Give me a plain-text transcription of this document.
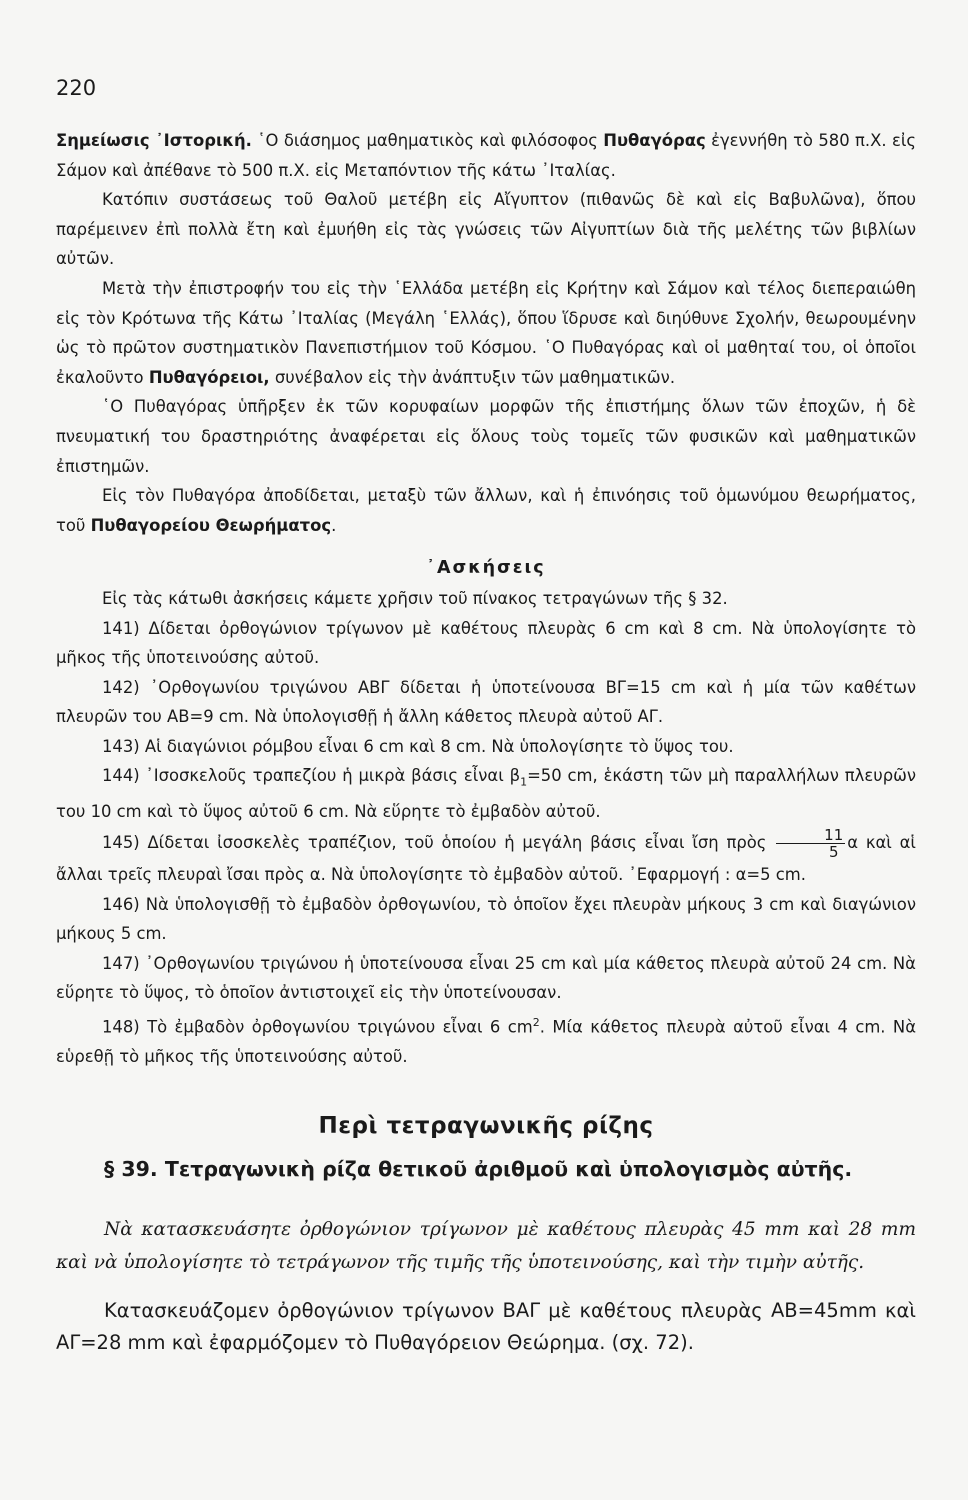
220

Σημείωσις ᾿Ιστορική. ῾Ο διάσημος μαθηματικὸς καὶ φιλόσοφος Πυθαγόρας ἐγεννήθη τὸ 580 π.Χ. εἰς Σάμον καὶ ἀπέθανε τὸ 500 π.Χ. εἰς Μεταπόντιον τῆς κάτω ᾿Ιταλίας.

Κατόπιν συστάσεως τοῦ Θαλοῦ μετέβη εἰς Αἴγυπτον (πιθανῶς δὲ καὶ εἰς Βαβυλῶνα), ὅπου παρέμεινεν ἐπὶ πολλὰ ἔτη καὶ ἐμυήθη εἰς τὰς γνώσεις τῶν Αἰγυπτίων διὰ τῆς μελέτης τῶν βιβλίων αὐτῶν.

Μετὰ τὴν ἐπιστροφήν του εἰς τὴν ῾Ελλάδα μετέβη εἰς Κρήτην καὶ Σάμον καὶ τέλος διεπεραιώθη εἰς τὸν Κρότωνα τῆς Κάτω ᾿Ιταλίας (Μεγάλη ῾Ελλάς), ὅπου ἵδρυσε καὶ διηύθυνε Σχολήν, θεωρουμένην ὡς τὸ πρῶτον συστηματικὸν Πανεπιστήμιον τοῦ Κόσμου. ῾Ο Πυθαγόρας καὶ οἱ μαθηταί του, οἱ ὁποῖοι ἐκαλοῦντο Πυθαγόρειοι, συνέβαλον εἰς τὴν ἀνάπτυξιν τῶν μαθηματικῶν.

῾Ο Πυθαγόρας ὑπῆρξεν ἐκ τῶν κορυφαίων μορφῶν τῆς ἐπιστήμης ὅλων τῶν ἐποχῶν, ἡ δὲ πνευματική του δραστηριότης ἀναφέρεται εἰς ὅλους τοὺς τομεῖς τῶν φυσικῶν καὶ μαθηματικῶν ἐπιστημῶν.

Εἰς τὸν Πυθαγόρα ἀποδίδεται, μεταξὺ τῶν ἄλλων, καὶ ἡ ἐπινόησις τοῦ ὁμωνύμου θεωρήματος, τοῦ Πυθαγορείου Θεωρήματος.

᾿Ασκήσεις

Εἰς τὰς κάτωθι ἀσκήσεις κάμετε χρῆσιν τοῦ πίνακος τετραγώνων τῆς § 32.

141) Δίδεται ὀρθογώνιον τρίγωνον μὲ καθέτους πλευρὰς 6 cm καὶ 8 cm. Νὰ ὑπολογίσητε τὸ μῆκος τῆς ὑποτεινούσης αὐτοῦ.

142) ᾿Ορθογωνίου τριγώνου ΑΒΓ δίδεται ἡ ὑποτείνουσα ΒΓ=15 cm καὶ ἡ μία τῶν καθέτων πλευρῶν του ΑΒ=9 cm. Νὰ ὑπολογισθῇ ἡ ἄλλη κάθετος πλευρὰ αὐτοῦ ΑΓ.

143) Αἱ διαγώνιοι ρόμβου εἶναι 6 cm καὶ 8 cm. Νὰ ὑπολογίσητε τὸ ὕψος του.

144) ᾿Ισοσκελοῦς τραπεζίου ἡ μικρὰ βάσις εἶναι $\beta_1=50$ cm, ἑκάστη τῶν μὴ παραλλήλων πλευρῶν του 10 cm καὶ τὸ ὕψος αὐτοῦ 6 cm. Νὰ εὕρητε τὸ ἐμβαδὸν αὐτοῦ.

145) Δίδεται ἰσοσκελὲς τραπέζιον, τοῦ ὁποίου ἡ μεγάλη βάσις εἶναι ἴση πρὸς $\frac{11}{5}$ α καὶ αἱ ἄλλαι τρεῖς πλευραὶ ἴσαι πρὸς α. Νὰ ὑπολογίσητε τὸ ἐμβαδὸν αὐτοῦ. ᾿Εφαρμογή : α=5 cm.

146) Νὰ ὑπολογισθῇ τὸ ἐμβαδὸν ὀρθογωνίου, τὸ ὁποῖον ἔχει πλευρὰν μήκους 3 cm καὶ διαγώνιον μήκους 5 cm.

147) ᾿Ορθογωνίου τριγώνου ἡ ὑποτείνουσα εἶναι 25 cm καὶ μία κάθετος πλευρὰ αὐτοῦ 24 cm. Νὰ εὕρητε τὸ ὕψος, τὸ ὁποῖον ἀντιστοιχεῖ εἰς τὴν ὑποτείνουσαν.

148) Τὸ ἐμβαδὸν ὀρθογωνίου τριγώνου εἶναι 6 $cm^2$. Μία κάθετος πλευρὰ αὐτοῦ εἶναι 4 cm. Νὰ εὑρεθῇ τὸ μῆκος τῆς ὑποτεινούσης αὐτοῦ.

Περὶ τετραγωνικῆς ρίζης

§ 39. Τετραγωνικὴ ρίζα θετικοῦ ἀριθμοῦ καὶ ὑπολογισμὸς αὐτῆς.

Νὰ κατασκευάσητε ὀρθογώνιον τρίγωνον μὲ καθέτους πλευρὰς 45 mm καὶ 28 mm καὶ νὰ ὑπολογίσητε τὸ τετράγωνον τῆς τιμῆς τῆς ὑποτεινούσης, καὶ τὴν τιμὴν αὐτῆς.

Κατασκευάζομεν ὀρθογώνιον τρίγωνον ΒΑΓ μὲ καθέτους πλευρὰς ΑΒ=45mm καὶ ΑΓ=28 mm καὶ ἐφαρμόζομεν τὸ Πυθαγόρειον Θεώρημα. (σχ. 72).
